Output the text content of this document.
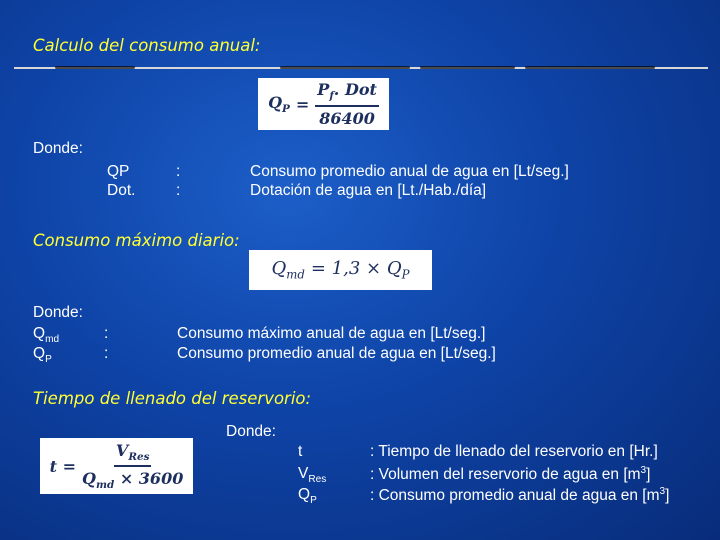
Calculo del consumo anual:
$Q_P = \frac{P_f. Dot}{86400}$
Donde:
QP	:	Consumo promedio anual de agua en [Lt/seg.]
Dot.	:	Dotación de agua en [Lt./Hab./día]
Consumo máximo diario:
$Q_{md} = 1,3 \times Q_P$
Donde:
$Q_{md}$	:	Consumo máximo anual de agua en [Lt/seg.]
$Q_P$	:	Consumo promedio anual de agua en [Lt/seg.]
Tiempo de llenado del reservorio:
Donde:
$t = \frac{V_{Res}}{Q_{md} \times 3600}$	t	: Tiempo de llenado del reservorio en [Hr.]
$V_{Res}$	: Volumen del reservorio de agua en $[m^3]$
$Q_P$	: Consumo promedio anual de agua en $[m^3]$
